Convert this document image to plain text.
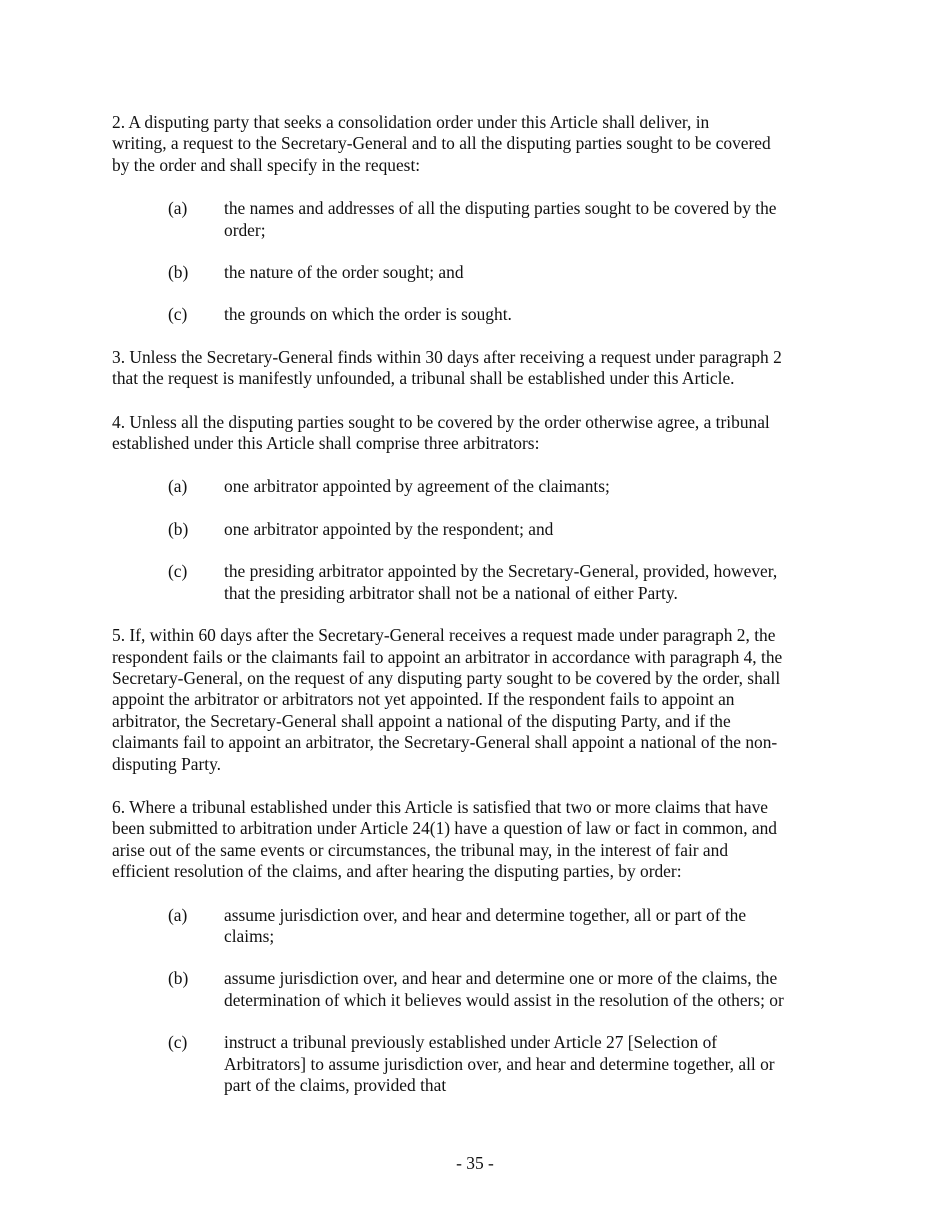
2. A disputing party that seeks a consolidation order under this Article shall deliver, in
writing, a request to the Secretary-General and to all the disputing parties sought to be covered
by the order and shall specify in the request:

(a)	the names and addresses of all the disputing parties sought to be covered by the
order;
(b)	the nature of the order sought; and
(c)	the grounds on which the order is sought.

3. Unless the Secretary-General finds within 30 days after receiving a request under paragraph 2
that the request is manifestly unfounded, a tribunal shall be established under this Article.

4. Unless all the disputing parties sought to be covered by the order otherwise agree, a tribunal
established under this Article shall comprise three arbitrators:

(a)	one arbitrator appointed by agreement of the claimants;
(b)	one arbitrator appointed by the respondent; and
(c)	the presiding arbitrator appointed by the Secretary-General, provided, however,
that the presiding arbitrator shall not be a national of either Party.

5. If, within 60 days after the Secretary-General receives a request made under paragraph 2, the
respondent fails or the claimants fail to appoint an arbitrator in accordance with paragraph 4, the
Secretary-General, on the request of any disputing party sought to be covered by the order, shall
appoint the arbitrator or arbitrators not yet appointed. If the respondent fails to appoint an
arbitrator, the Secretary-General shall appoint a national of the disputing Party, and if the
claimants fail to appoint an arbitrator, the Secretary-General shall appoint a national of the non-
disputing Party.

6. Where a tribunal established under this Article is satisfied that two or more claims that have
been submitted to arbitration under Article 24(1) have a question of law or fact in common, and
arise out of the same events or circumstances, the tribunal may, in the interest of fair and
efficient resolution of the claims, and after hearing the disputing parties, by order:

(a)	assume jurisdiction over, and hear and determine together, all or part of the
claims;
(b)	assume jurisdiction over, and hear and determine one or more of the claims, the
determination of which it believes would assist in the resolution of the others; or
(c)	instruct a tribunal previously established under Article 27 [Selection of
Arbitrators] to assume jurisdiction over, and hear and determine together, all or
part of the claims, provided that
- 35 -
